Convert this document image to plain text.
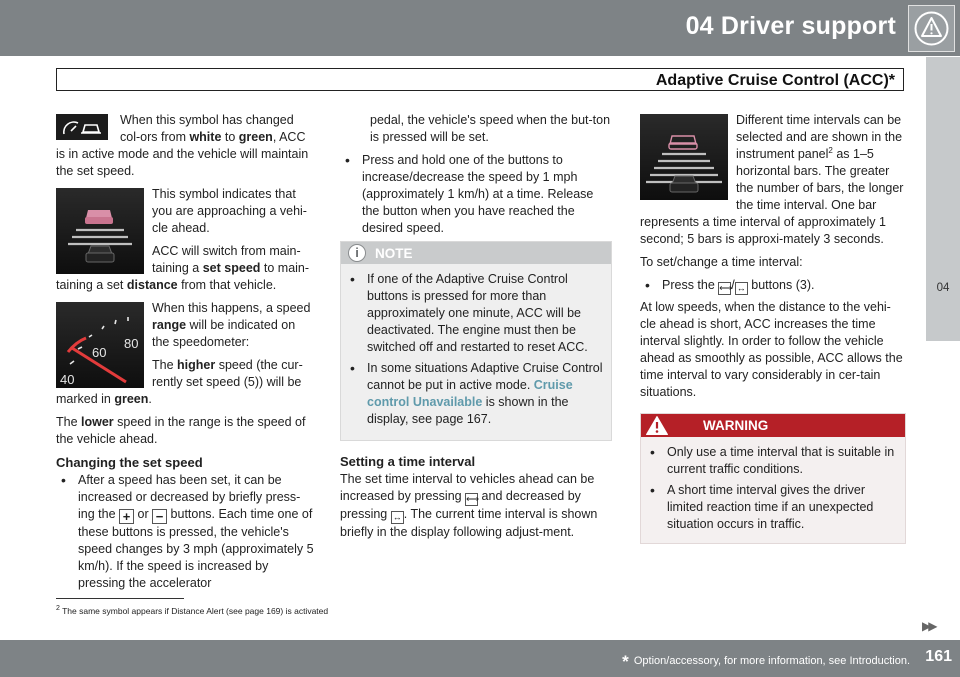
04 Driver support
Adaptive Cruise Control (ACC)*
04

When this symbol has changed col-ors from white to green, ACC is in active mode and the vehicle will maintain the set speed.

This symbol indicates that you are approaching a vehi-cle ahead.

ACC will switch from main-taining a set speed to main-taining a set distance from that vehicle.

40
60
80

When this happens, a speed range will be indicated on the speedometer:

The higher speed (the cur-rently set speed (5)) will be marked in green.

The lower speed in the range is the speed of the vehicle ahead.

Changing the set speed
• After a speed has been set, it can be increased or decreased by briefly press-ing the + or − buttons. Each time one of these buttons is pressed, the vehicle's speed changes by 3 mph (approximately 5 km/h). If the speed is increased by pressing the accelerator

pedal, the vehicle's speed when the but-ton is pressed will be set.

• Press and hold one of the buttons to increase/decrease the speed by 1 mph (approximately 1 km/h) at a time. Release the button when you have reached the desired speed.
i	NOTE
• If one of the Adaptive Cruise Control buttons is pressed for more than approximately one minute, ACC will be deactivated. The engine must then be switched off and restarted to reset ACC.
• In some situations Adaptive Cruise Control cannot be put in active mode. Cruise control Unavailable is shown in the display, see page 167.
Setting a time interval

The set time interval to vehicles ahead can be increased by pressing ⟷ and decreased by pressing ↔ . The current time interval is shown briefly in the display following adjust-ment.

Different time intervals can be selected and are shown in the instrument panel$^2$ as 1–5 horizontal bars. The greater the number of bars, the longer the time interval. One bar represents a time interval of approximately 1 second; 5 bars is approxi-mately 3 seconds.

To set/change a time interval:

• Press the ⟷/ ↔ buttons (3).

At low speeds, when the distance to the vehi-cle ahead is short, ACC increases the time interval slightly. In order to follow the vehicle ahead as smoothly as possible, ACC allows the time interval to vary considerably in cer-tain situations.

WARNING
• Only use a time interval that is suitable in current traffic conditions.
• A short time interval gives the driver limited reaction time if an unexpected situation occurs in traffic.
$^2$ The same symbol appears if Distance Alert (see page 169) is activated
▶▶
* Option/accessory, for more information, see Introduction. 161
